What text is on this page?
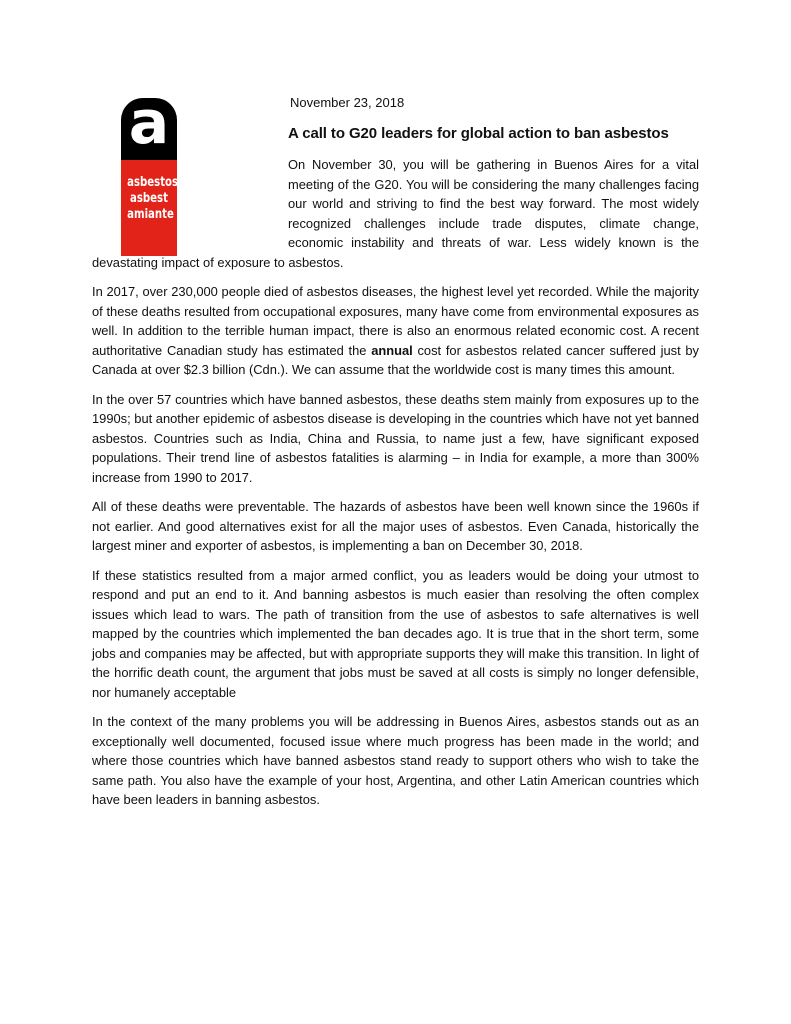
a
asbestos
asbest
amiante
November 23, 2018
A call to G20 leaders for global action to ban asbestos

On November 30, you will be gathering in Buenos Aires for a vital meeting of the G20. You will be considering the many challenges facing our world and striving to find the best way forward. The most widely recognized challenges include trade disputes, climate change, economic instability and threats of war. Less widely known is the devastating impact of exposure to asbestos.

In 2017, over 230,000 people died of asbestos diseases, the highest level yet recorded. While the majority of these deaths resulted from occupational exposures, many have come from environmental exposures as well. In addition to the terrible human impact, there is also an enormous related economic cost. A recent authoritative Canadian study has estimated the annual cost for asbestos related cancer suffered just by Canada at over $2.3 billion (Cdn.). We can assume that the worldwide cost is many times this amount.

In the over 57 countries which have banned asbestos, these deaths stem mainly from exposures up to the 1990s; but another epidemic of asbestos disease is developing in the countries which have not yet banned asbestos. Countries such as India, China and Russia, to name just a few, have significant exposed populations. Their trend line of asbestos fatalities is alarming – in India for example, a more than 300% increase from 1990 to 2017.

All of these deaths were preventable. The hazards of asbestos have been well known since the 1960s if not earlier. And good alternatives exist for all the major uses of asbestos. Even Canada, historically the largest miner and exporter of asbestos, is implementing a ban on December 30, 2018.

If these statistics resulted from a major armed conflict, you as leaders would be doing your utmost to respond and put an end to it. And banning asbestos is much easier than resolving the often complex issues which lead to wars. The path of transition from the use of asbestos to safe alternatives is well mapped by the countries which implemented the ban decades ago. It is true that in the short term, some jobs and companies may be affected, but with appropriate supports they will make this transition. In light of the horrific death count, the argument that jobs must be saved at all costs is simply no longer defensible, nor humanely acceptable

In the context of the many problems you will be addressing in Buenos Aires, asbestos stands out as an exceptionally well documented, focused issue where much progress has been made in the world; and where those countries which have banned asbestos stand ready to support others who wish to take the same path. You also have the example of your host, Argentina, and other Latin American countries which have been leaders in banning asbestos.
